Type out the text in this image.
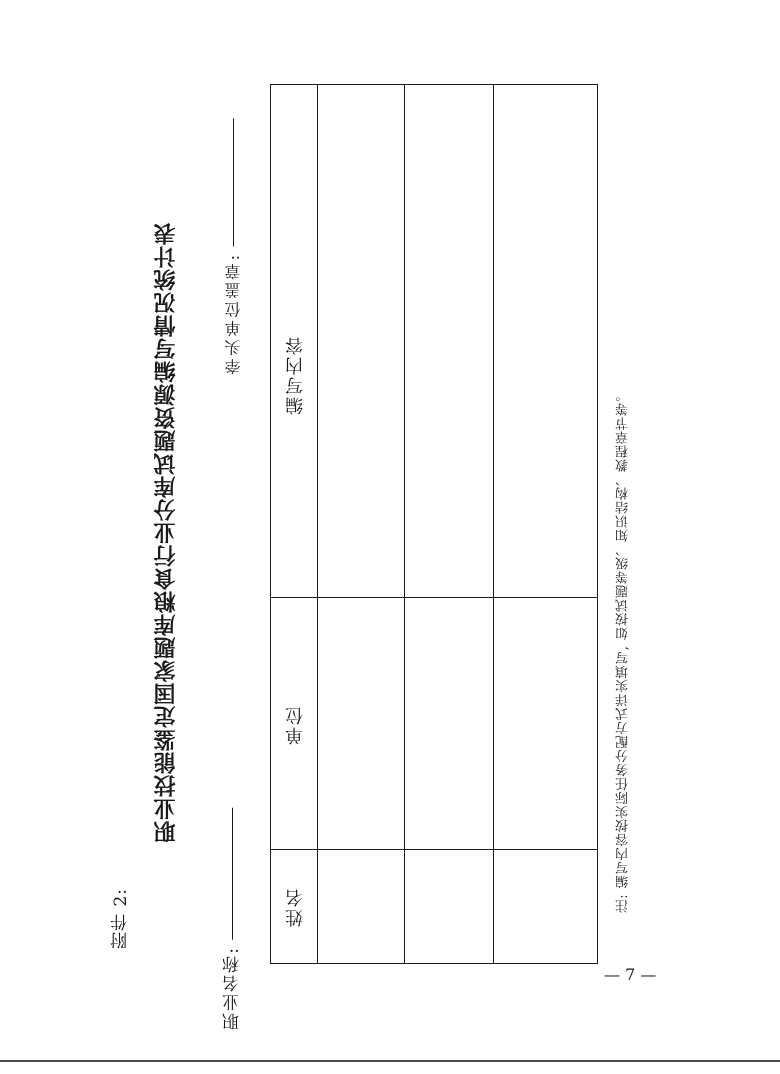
附件 2:
职业技能鉴定国家题库粮食行业分库试题资源编写情况统计表
职业名称:
牵头单位盖章:
编写内容
单位
姓名	注: 编写内容按实际任务分配方式详实填写, 如按试题等级、知识结构、教程章节等。
— 7 —
